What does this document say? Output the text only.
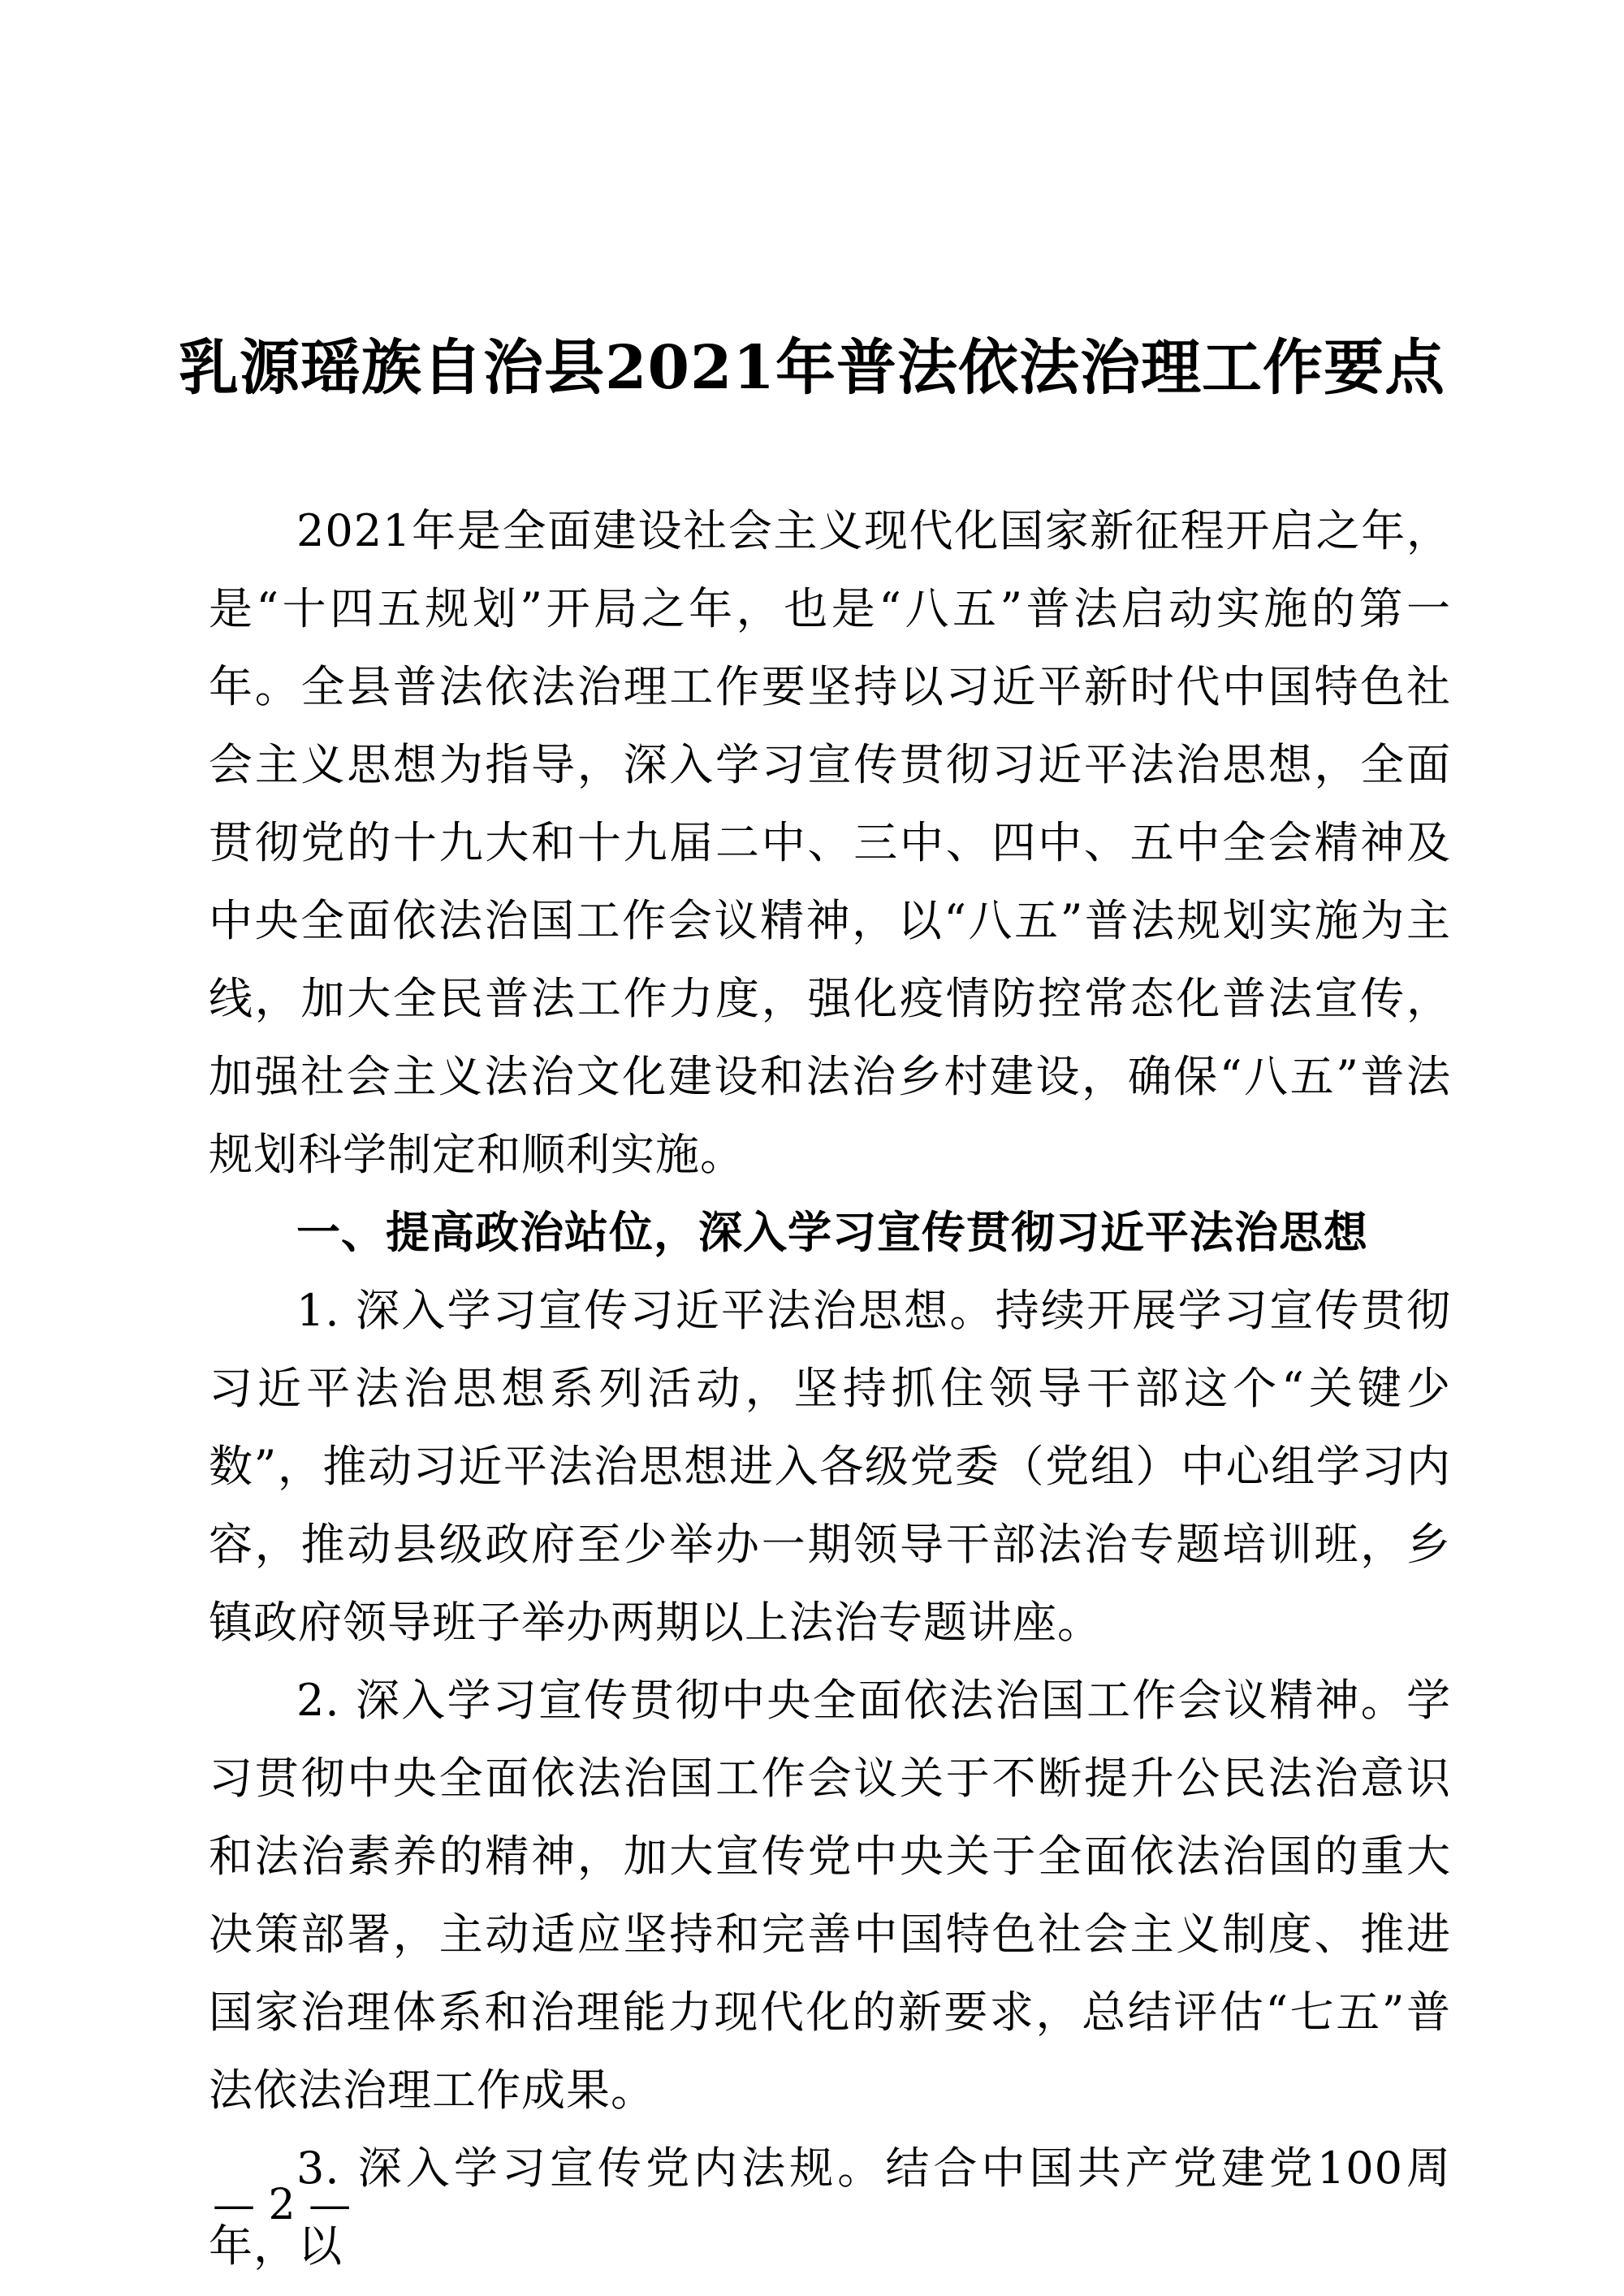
乳源瑶族自治县2021年普法依法治理工作要点

2021年是全面建设社会主义现代化国家新征程开启之年，是“十四五规划”开局之年，也是“八五”普法启动实施的第一年。全县普法依法治理工作要坚持以习近平新时代中国特色社会主义思想为指导，深入学习宣传贯彻习近平法治思想，全面贯彻党的十九大和十九届二中、三中、四中、五中全会精神及中央全面依法治国工作会议精神，以“八五”普法规划实施为主线，加大全民普法工作力度，强化疫情防控常态化普法宣传，加强社会主义法治文化建设和法治乡村建设，确保“八五”普法规划科学制定和顺利实施。

一、提高政治站位，深入学习宣传贯彻习近平法治思想

1. 深入学习宣传习近平法治思想。持续开展学习宣传贯彻习近平法治思想系列活动，坚持抓住领导干部这个“关键少数”，推动习近平法治思想进入各级党委（党组）中心组学习内容，推动县级政府至少举办一期领导干部法治专题培训班，乡镇政府领导班子举办两期以上法治专题讲座。

2. 深入学习宣传贯彻中央全面依法治国工作会议精神。学习贯彻中央全面依法治国工作会议关于不断提升公民法治意识和法治素养的精神，加大宣传党中央关于全面依法治国的重大决策部署，主动适应坚持和完善中国特色社会主义制度、推进国家治理体系和治理能力现代化的新要求，总结评估“七五”普法依法治理工作成果。

3. 深入学习宣传党内法规。结合中国共产党建党100周年，以

— 2 —
